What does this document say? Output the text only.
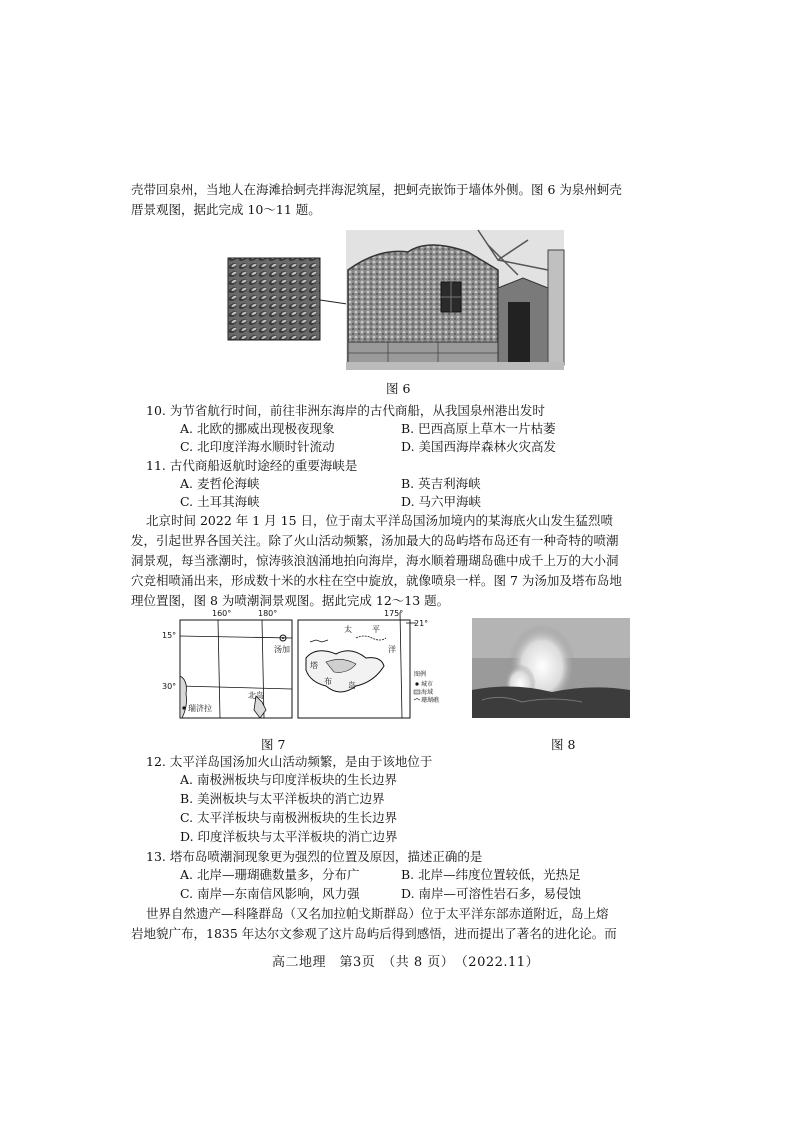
壳带回泉州，当地人在海滩拾蚵壳拌海泥筑屋，把蚵壳嵌饰于墙体外侧。图 6 为泉州蚵壳
厝景观图，据此完成 10～11 题。
图 6
10. 为节省航行时间，前往非洲东海岸的古代商船，从我国泉州港出发时
A. 北欧的挪威出现极夜现象	B. 巴西高原上草木一片枯萎
C. 北印度洋海水顺时针流动	D. 美国西海岸森林火灾高发
11. 古代商船返航时途经的重要海峡是
A. 麦哲伦海峡	B. 英吉利海峡
C. 土耳其海峡	D. 马六甲海峡
北京时间 2022 年 1 月 15 日，位于南太平洋岛国汤加境内的某海底火山发生猛烈喷
发，引起世界各国关注。除了火山活动频繁，汤加最大的岛屿塔布岛还有一种奇特的喷潮
洞景观，每当涨潮时，惊涛骇浪汹涌地拍向海岸，海水顺着珊瑚岛礁中成千上万的大小洞
穴竞相喷涌出来，形成数十米的水柱在空中旋放，就像喷泉一样。图 7 为汤加及塔布岛地
理位置图，图 8 为喷潮洞景观图。据此完成 12～13 题。
160°	180°
15°
30°
汤加
瑞济拉
北岛
175°
21°
太	平
洋
塔
布 岛
图例
城市
海域
珊瑚礁
图 7	图 8
12. 太平洋岛国汤加火山活动频繁，是由于该地位于
A. 南极洲板块与印度洋板块的生长边界
B. 美洲板块与太平洋板块的消亡边界
C. 太平洋板块与南极洲板块的生长边界
D. 印度洋板块与太平洋板块的消亡边界
13. 塔布岛喷潮洞现象更为强烈的位置及原因，描述正确的是
A. 北岸—珊瑚礁数量多，分布广	B. 北岸—纬度位置较低，光热足
C. 南岸—东南信风影响，风力强	D. 南岸—可溶性岩石多，易侵蚀
世界自然遗产—科隆群岛（又名加拉帕戈斯群岛）位于太平洋东部赤道附近，岛上熔
岩地貌广布，1835 年达尔文参观了这片岛屿后得到感悟，进而提出了著名的进化论。而
高二地理　第3页　（共 8 页）　（2022.11）
